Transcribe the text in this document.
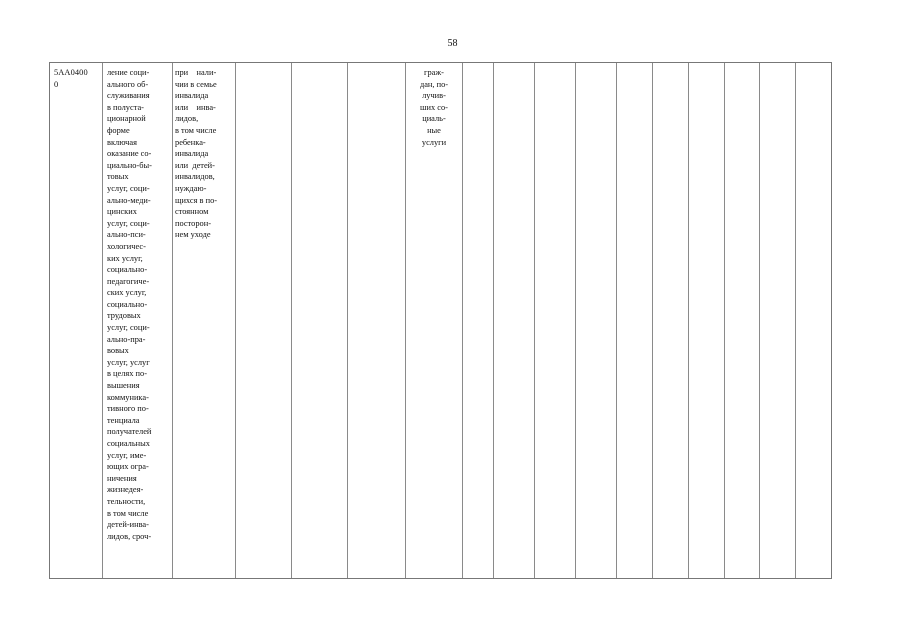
58
5АА0400
0
ление соци-
ального об-
служивания
в полуста-
ционарной
форме
включая
оказание со-
циально-бы-
товых
услуг, соци-
ально-меди-
цинских
услуг, соци-
ально-пси-
хологичес-
ких услуг,
социально-
педагогиче-
ских услуг,
социально-
трудовых
услуг, соци-
ально-пра-
вовых
услуг, услуг
в целях по-
вышения
коммуника-
тивного по-
тенциала
получателей
социальных
услуг, име-
ющих огра-
ничения
жизнедея-
тельности,
в том числе
детей-инва-
лидов, сроч-
при    нали-
чии в семье
инвалида
или    инва-
лидов,
в том числе
ребенка-
инвалида
или  детей-
инвалидов,
нуждаю-
щихся в по-
стоянном
посторон-
нем уходе
граж-
дан, по-
лучив-
ших со-
циаль-
ные
услуги
